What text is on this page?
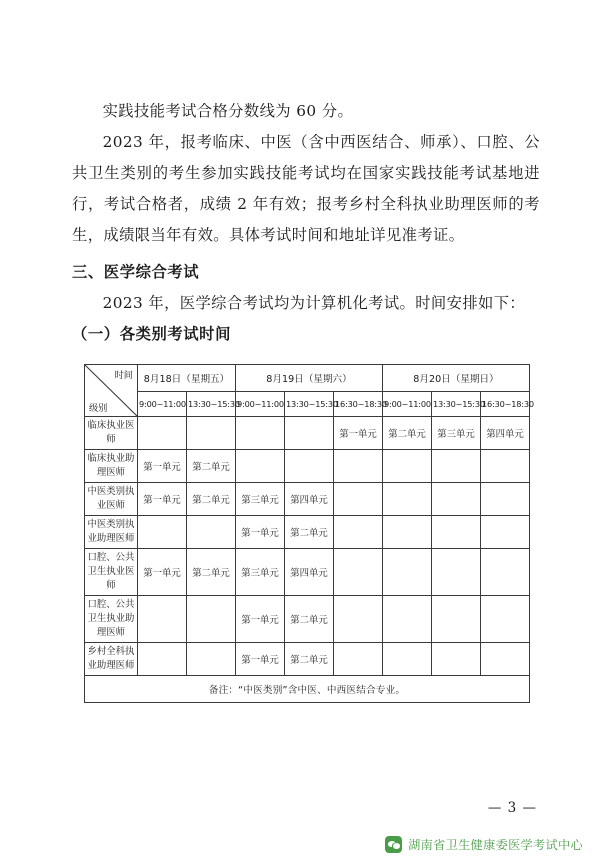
实践技能考试合格分数线为 60 分。

2023 年，报考临床、中医（含中西医结合、师承）、口腔、公共卫生类别的考生参加实践技能考试均在国家实践技能考试基地进行，考试合格者，成绩 2 年有效；报考乡村全科执业助理医师的考生，成绩限当年有效。具体考试时间和地址详见准考证。

三、医学综合考试

2023 年，医学综合考试均为计算机化考试。时间安排如下：

（一）各类别考试时间

时间
级别	8月18日（星期五）		8月19日（星期六）			8月20日（星期日）		
	9:00~11:00	13:30~15:30	9:00~11:00	13:30~15:30	16:30~18:30	9:00~11:00	13:30~15:30	16:30~18:30
临床执业医师					第一单元	第二单元	第三单元	第四单元
临床执业助理医师	第一单元	第二单元						
中医类别执业医师	第一单元	第二单元	第三单元	第四单元				
中医类别执业助理医师			第一单元	第二单元				
口腔、公共卫生执业医师	第一单元	第二单元	第三单元	第四单元				
口腔、公共卫生执业助理医师			第一单元	第二单元				
乡村全科执业助理医师			第一单元	第二单元				
备注：“中医类别”含中医、中西医结合专业。								
— 3 —
湖南省卫生健康委医学考试中心
